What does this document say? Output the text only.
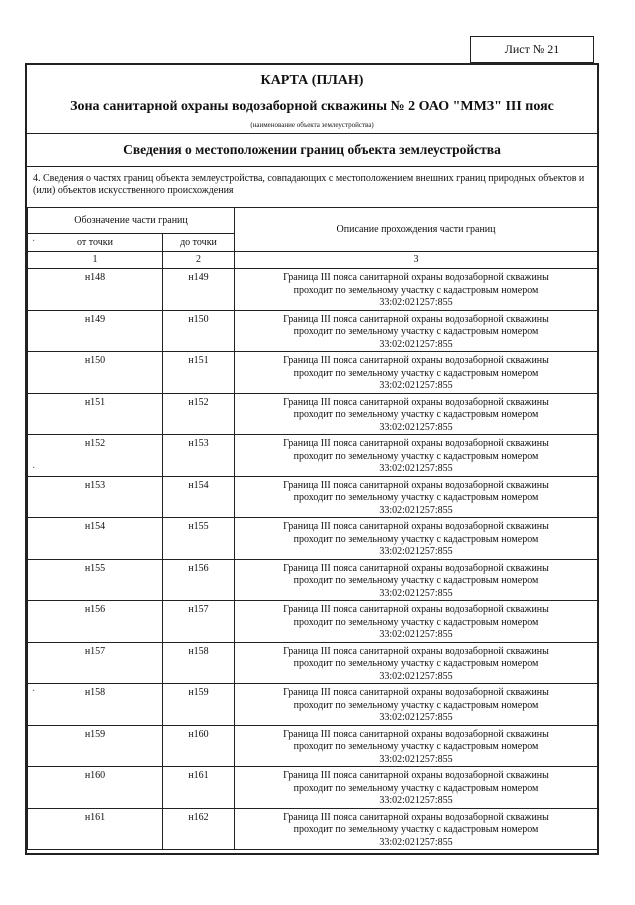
Лист № 21
КАРТА (ПЛАН)
Зона санитарной охраны водозаборной скважины № 2 ОАО "ММЗ" III пояс
(наименование объекта землеустройства)
Сведения о местоположении границ объекта землеустройства
4. Сведения о частях границ объекта землеустройства, совпадающих с местоположением внешних границ природных объектов и (или) объектов искусственного происхождения
Обозначение части границ		Описание прохождения части границ
от точки	до точки	
1	2	3
н148	н149	Граница III пояса санитарной охраны водозаборной скважины
проходит по земельному участку с кадастровым номером
33:02:021257:855

н149	н150	Граница III пояса санитарной охраны водозаборной скважины
проходит по земельному участку с кадастровым номером
33:02:021257:855

н150	н151	Граница III пояса санитарной охраны водозаборной скважины
проходит по земельному участку с кадастровым номером
33:02:021257:855

н151	н152	Граница III пояса санитарной охраны водозаборной скважины
проходит по земельному участку с кадастровым номером
33:02:021257:855

н152	н153	Граница III пояса санитарной охраны водозаборной скважины
проходит по земельному участку с кадастровым номером
33:02:021257:855

н153	н154	Граница III пояса санитарной охраны водозаборной скважины
проходит по земельному участку с кадастровым номером
33:02:021257:855

н154	н155	Граница III пояса санитарной охраны водозаборной скважины
проходит по земельному участку с кадастровым номером
33:02:021257:855

н155	н156	Граница III пояса санитарной охраны водозаборной скважины
проходит по земельному участку с кадастровым номером
33:02:021257:855

н156	н157	Граница III пояса санитарной охраны водозаборной скважины
проходит по земельному участку с кадастровым номером
33:02:021257:855

н157	н158	Граница III пояса санитарной охраны водозаборной скважины
проходит по земельному участку с кадастровым номером
33:02:021257:855

н158	н159	Граница III пояса санитарной охраны водозаборной скважины
проходит по земельному участку с кадастровым номером
33:02:021257:855

н159	н160	Граница III пояса санитарной охраны водозаборной скважины
проходит по земельному участку с кадастровым номером
33:02:021257:855

н160	н161	Граница III пояса санитарной охраны водозаборной скважины
проходит по земельному участку с кадастровым номером
33:02:021257:855

н161	н162	Граница III пояса санитарной охраны водозаборной скважины
проходит по земельному участку с кадастровым номером
33:02:021257:855
·
·
·
